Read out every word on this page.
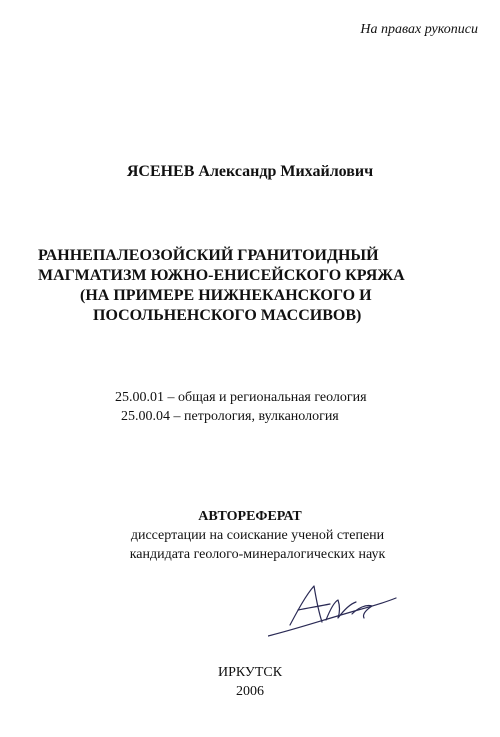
На правах рукописи
ЯСЕНЕВ Александр Михайлович
РАННЕПАЛЕОЗОЙСКИЙ ГРАНИТОИДНЫЙ
МАГМАТИЗМ ЮЖНО-ЕНИСЕЙСКОГО КРЯЖА
(НА ПРИМЕРЕ НИЖНЕКАНСКОГО И
ПОСОЛЬНЕНСКОГО МАССИВОВ)
25.00.01 – общая и региональная геология
25.00.04 – петрология, вулканология
АВТОРЕФЕРАТ
диссертации на соискание ученой степени
кандидата геолого-минералогических наук
ИРКУТСК
2006
